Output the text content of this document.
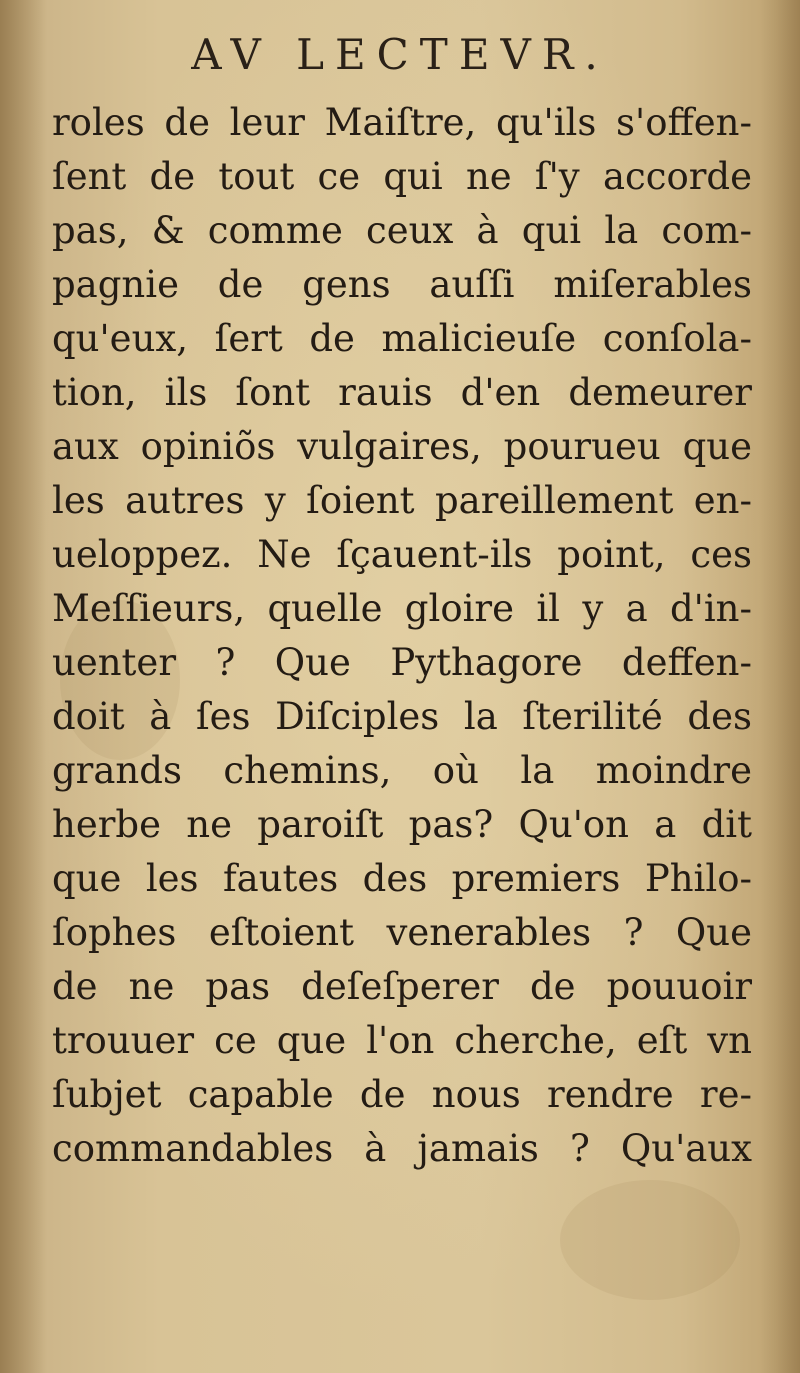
AV LECTEVR.
roles de leur Maiſtre, qu'ils s'offen-
ſent de tout ce qui ne ſ'y accorde
pas, & comme ceux à qui la com-
pagnie de gens auſſi miſerables
qu'eux, ſert de malicieuſe conſola-
tion, ils ſont rauis d'en demeurer
aux opiniõs vulgaires, pourueu que
les autres y ſoient pareillement en-
ueloppez. Ne ſçauent-ils point, ces
Meſſieurs, quelle gloire il y a d'in-
uenter ? Que Pythagore deffen-
doit à ſes Diſciples la ſterilité des
grands chemins, où la moindre
herbe ne paroiſt pas? Qu'on a dit
que les fautes des premiers Philo-
ſophes eſtoient venerables ? Que
de ne pas deſeſperer de pouuoir
trouuer ce que l'on cherche, eſt vn
ſubjet capable de nous rendre re-
commandables à jamais ? Qu'aux
